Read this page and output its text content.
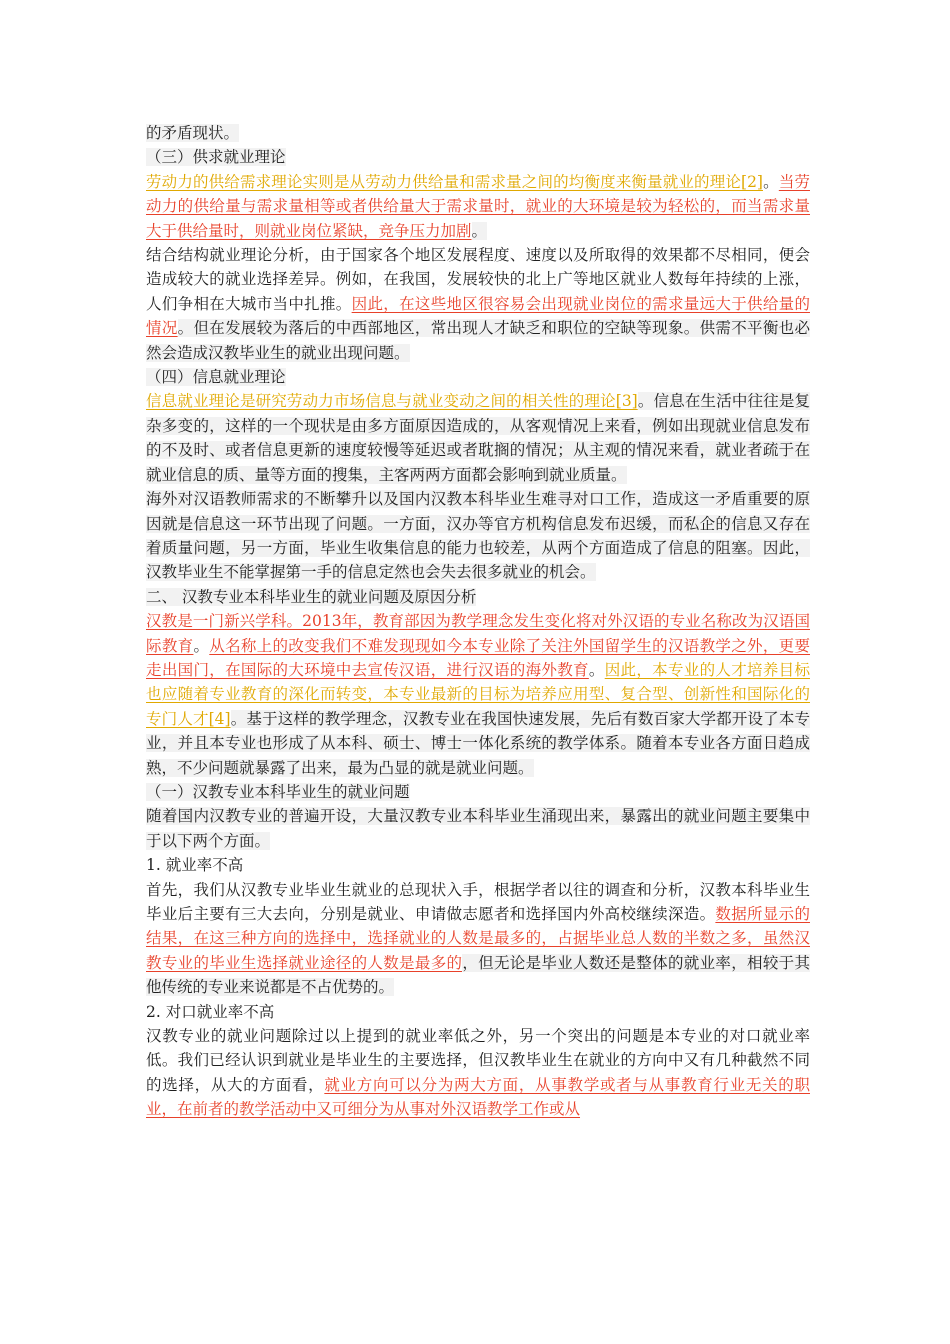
的矛盾现状。

（三）供求就业理论

劳动力的供给需求理论实则是从劳动力供给量和需求量之间的均衡度来衡量就业的理论[2]。当劳动力的供给量与需求量相等或者供给量大于需求量时，就业的大环境是较为轻松的，而当需求量大于供给量时，则就业岗位紧缺，竞争压力加剧。

结合结构就业理论分析，由于国家各个地区发展程度、速度以及所取得的效果都不尽相同，便会造成较大的就业选择差异。例如，在我国，发展较快的北上广等地区就业人数每年持续的上涨，人们争相在大城市当中扎推。因此，在这些地区很容易会出现就业岗位的需求量远大于供给量的情况。但在发展较为落后的中西部地区，常出现人才缺乏和职位的空缺等现象。供需不平衡也必然会造成汉教毕业生的就业出现问题。

（四）信息就业理论

信息就业理论是研究劳动力市场信息与就业变动之间的相关性的理论[3]。信息在生活中往往是复杂多变的，这样的一个现状是由多方面原因造成的，从客观情况上来看，例如出现就业信息发布的不及时、或者信息更新的速度较慢等延迟或者耽搁的情况；从主观的情况来看，就业者疏于在就业信息的质、量等方面的搜集，主客两两方面都会影响到就业质量。

海外对汉语教师需求的不断攀升以及国内汉教本科毕业生难寻对口工作，造成这一矛盾重要的原因就是信息这一环节出现了问题。一方面，汉办等官方机构信息发布迟缓，而私企的信息又存在着质量问题，另一方面，毕业生收集信息的能力也较差，从两个方面造成了信息的阻塞。因此，汉教毕业生不能掌握第一手的信息定然也会失去很多就业的机会。

二、 汉教专业本科毕业生的就业问题及原因分析

汉教是一门新兴学科。2013年，教育部因为教学理念发生变化将对外汉语的专业名称改为汉语国际教育。从名称上的改变我们不难发现现如今本专业除了关注外国留学生的汉语教学之外，更要走出国门，在国际的大环境中去宣传汉语，进行汉语的海外教育。因此，本专业的人才培养目标也应随着专业教育的深化而转变，本专业最新的目标为培养应用型、复合型、创新性和国际化的专门人才[4]。基于这样的教学理念，汉教专业在我国快速发展，先后有数百家大学都开设了本专业，并且本专业也形成了从本科、硕士、博士一体化系统的教学体系。随着本专业各方面日趋成熟，不少问题就暴露了出来，最为凸显的就是就业问题。

（一）汉教专业本科毕业生的就业问题

随着国内汉教专业的普遍开设，大量汉教专业本科毕业生涌现出来，暴露出的就业问题主要集中于以下两个方面。

1. 就业率不高

首先，我们从汉教专业毕业生就业的总现状入手，根据学者以往的调查和分析，汉教本科毕业生毕业后主要有三大去向，分别是就业、申请做志愿者和选择国内外高校继续深造。数据所显示的结果，在这三种方向的选择中，选择就业的人数是最多的，占据毕业总人数的半数之多，虽然汉教专业的毕业生选择就业途径的人数是最多的，但无论是毕业人数还是整体的就业率，相较于其他传统的专业来说都是不占优势的。

2. 对口就业率不高

汉教专业的就业问题除过以上提到的就业率低之外，另一个突出的问题是本专业的对口就业率低。我们已经认识到就业是毕业生的主要选择，但汉教毕业生在就业的方向中又有几种截然不同的选择，从大的方面看，就业方向可以分为两大方面，从事教学或者与从事教育行业无关的职业，在前者的教学活动中又可细分为从事对外汉语教学工作或从
